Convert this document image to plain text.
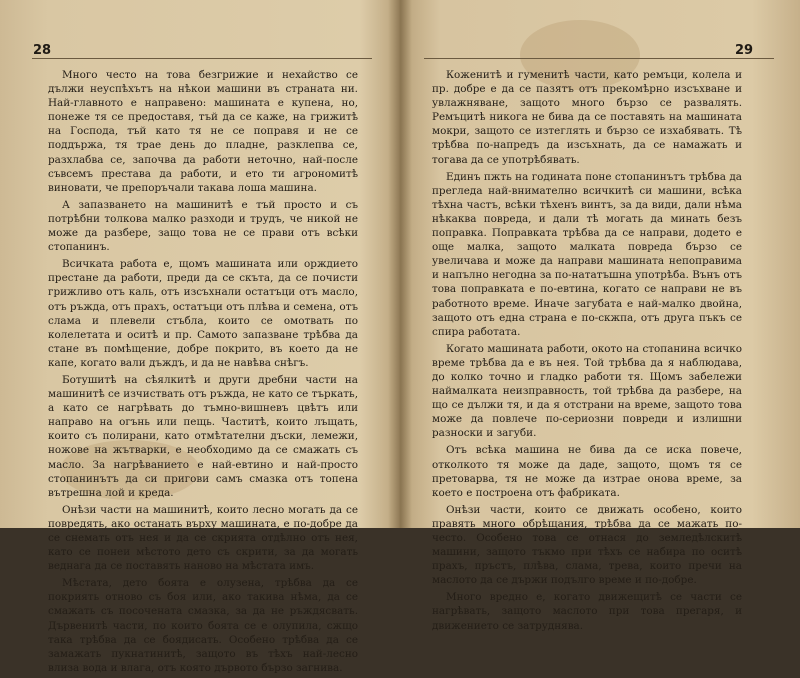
28

Много често на това безгрижие и нехайство се дължи неуспѣхътъ на нѣкои машини въ страната ни. Най-главното е направено: машината е купена, но, понеже тя се предоставя, тъй да се каже, на грижитѣ на Господа, тъй като тя не се поправя и не се поддържа, тя трае день до пладне, разклепва се, разхлабва се, започва да работи неточно, най-после съвсемъ престава да работи, и ето ти агрономитѣ виновати, че препоръчали такава лоша машина.

А запазването на машинитѣ е тъй просто и съ потрѣбни толкова малко разходи и трудъ, че никой не може да разбере, защо това не се прави отъ всѣки стопанинъ.

Всичката работа е, щомъ машината или орждието престане да работи, преди да се скъта, да се почисти грижливо отъ каль, отъ изсъхнали остатъци отъ масло, отъ ръжда, отъ прахъ, остатъци отъ плѣва и семена, отъ слама и плевели стъбла, които се омотвать по колелетата и оситѣ и пр. Самото запазване трѣбва да стане въ помѣщение, добре покрито, въ което да не капе, когато вали дъждъ, и да не навѣва снѣгъ.

Ботушитѣ на сѣялкитѣ и други дребни части на машинитѣ се изчиствать отъ ръжда, не като се търкать, а като се нагрѣвать до тъмно-вишневъ цвѣтъ или направо на огънь или пещь. Частитѣ, които лъщать, които съ полирани, като отмѣтателни дъски, лемежи, ножове на жътварки, е необходимо да се смажать съ масло. За нагрѣванието е най-евтино и най-просто стопанинътъ да си пригови самъ смазка отъ топена вътрешна лой и креда.

Онѣзи части на машинитѣ, които лесно могать да се повредять, ако останать върху машината, е по-добре да се снемать отъ нея и да се скрията отдѣлно отъ нея, като се понеи мѣстото дето съ скрити, за да могать веднага да се поставять наново на мѣстата имъ.

Мѣстата, дето боята е олузена, трѣбва да се покриять отново съ боя или, ако такива нѣма, да се смажать съ посочената смазка, за да не ръждясвать. Дървенитѣ части, по които боята се е олупила, сжщо така трѣбва да се боядисать. Особено трѣбва да се замажать пукнатинитѣ, защото въ тѣхъ най-лесно влиза вода и влага, отъ която дървото бързо загнива.

29

Коженитѣ и гуменитѣ части, като ремъци, колела и пр. добре е да се пазятъ отъ прекомѣрно изсъхване и увлажняване, защото много бързо се развалять. Ремъцитѣ никога не бива да се поставять на машината мокри, защото се изтеглять и бързо се изхабявать. Тѣ трѣбва по-напредъ да изсъхнать, да се намажать и тогава да се употрѣбявать.

Единъ пжть на годината поне стопанинътъ трѣбва да прегледа най-внимателно всичкитѣ си машини, всѣка тѣхна частъ, всѣки тѣхенъ винтъ, за да види, дали нѣма нѣкаква повреда, и дали тѣ могать да минать безъ поправка. Поправката трѣбва да се направи, додето е още малка, защото малката повреда бързо се увеличава и може да направи машината непоправима и напълно негодна за по-нататъшна употрѣба. Вънъ отъ това поправката е по-евтина, когато се направи не въ работното време. Иначе загубата е най-малко двойна, защото отъ една страна е по-скжпа, отъ друга пъкъ се спира работата.

Когато машината работи, окото на стопанина всичко време трѣбва да е въ нея. Той трѣбва да я наблюдава, до колко точно и гладко работи тя. Щомъ забележи наймалката неизправность, той трѣбва да разбере, на що се дължи тя, и да я отстрани на време, защото това може да повлече по-сериозни повреди и излишни разноски и загуби.

Отъ всѣка машина не бива да се иска повече, отколкото тя може да даде, защото, щомъ тя се претоварва, тя не може да изтрае онова време, за което е построена отъ фабриката.

Онѣзи части, които се движать особено, които правять много обрѣщания, трѣбва да се мажать по-често. Особено това се отнася до земледѣлскитѣ машини, защото тъкмо при тѣхъ се набира по оситѣ прахъ, пръстъ, плѣва, слама, трева, които пречи на маслото да се държи подълго време и по-добре.

Много вредно е, когато движещитѣ се части се нагрѣвать, защото маслото при това прегаря, и движението се затруднява.
